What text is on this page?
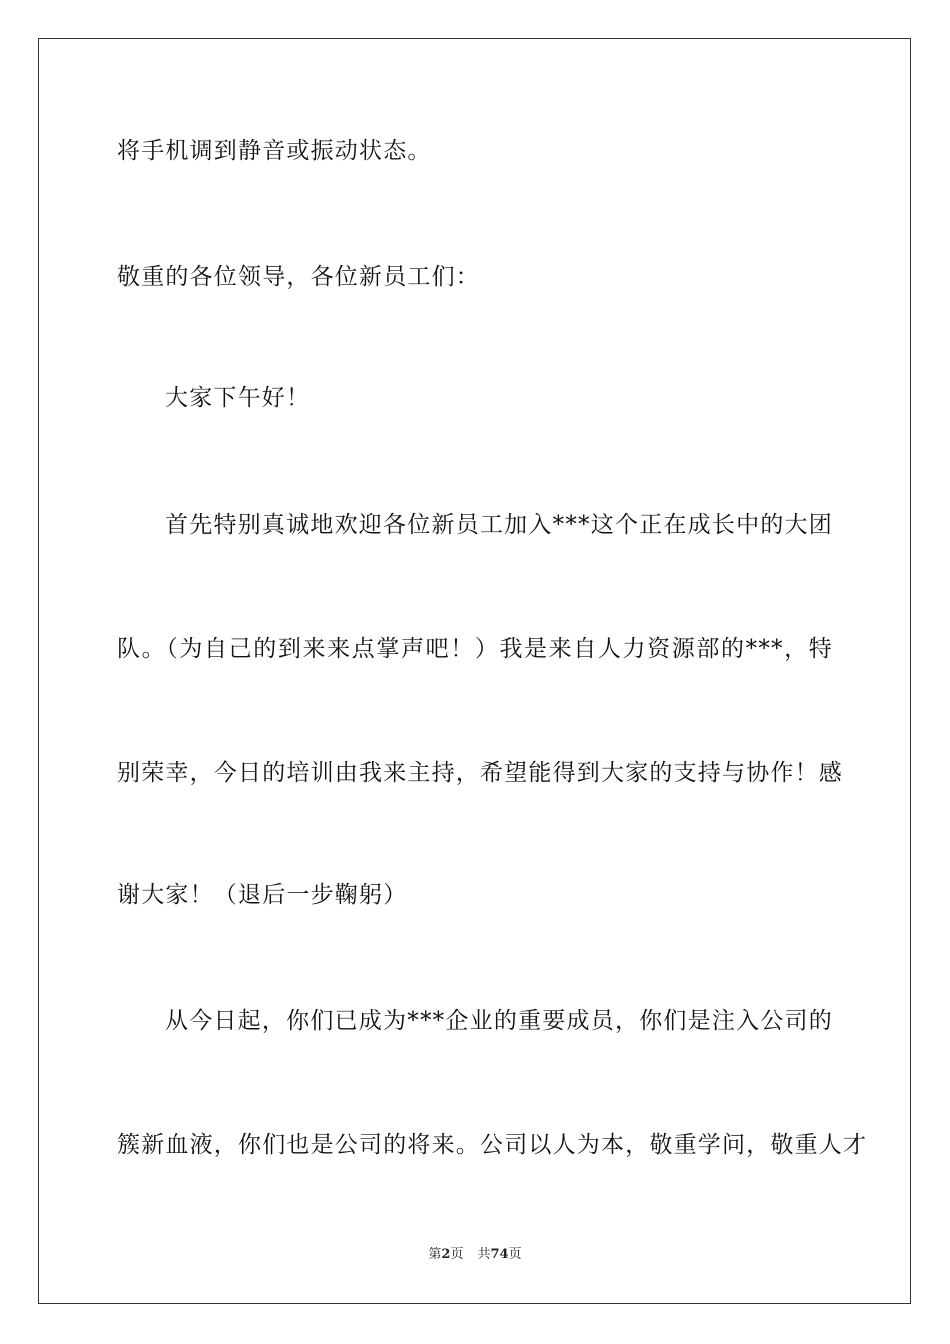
将手机调到静音或振动状态。
敬重的各位领导，各位新员工们：
大家下午好！
首先特别真诚地欢迎各位新员工加入***这个正在成长中的大团
队。（为自己的到来来点掌声吧！）我是来自人力资源部的***，特
别荣幸，今日的培训由我来主持，希望能得到大家的支持与协作！感
谢大家！（退后一步鞠躬）
从今日起，你们已成为***企业的重要成员，你们是注入公司的
簇新血液，你们也是公司的将来。公司以人为本，敬重学问，敬重人才
第2页 共74页
